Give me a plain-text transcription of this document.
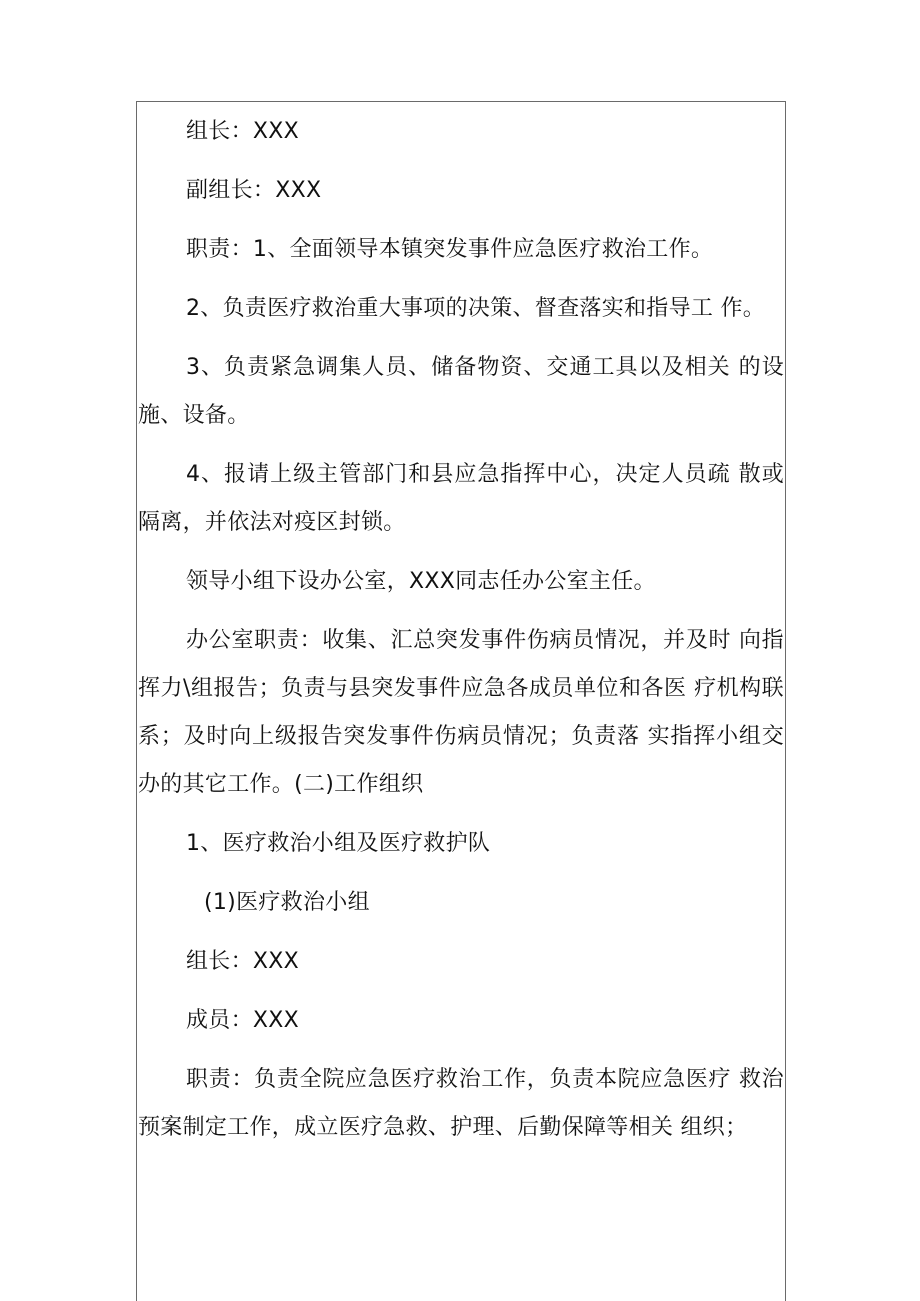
组长：XXX

副组长：XXX

职责：1、全面领导本镇突发事件应急医疗救治工作。

2、负责医疗救治重大事项的决策、督查落实和指导工 作。

3、负责紧急调集人员、储备物资、交通工具以及相关 的设施、设备。

4、报请上级主管部门和县应急指挥中心，决定人员疏 散或隔离，并依法对疫区封锁。

领导小组下设办公室，XXX同志任办公室主任。

办公室职责：收集、汇总突发事件伤病员情况，并及时 向指挥力\组报告；负责与县突发事件应急各成员单位和各医 疗机构联系；及时向上级报告突发事件伤病员情况；负责落 实指挥小组交办的其它工作。(二)工作组织

1、医疗救治小组及医疗救护队

(1)医疗救治小组

组长：XXX

成员：XXX

职责：负责全院应急医疗救治工作，负责本院应急医疗 救治预案制定工作，成立医疗急救、护理、后勤保障等相关 组织；
